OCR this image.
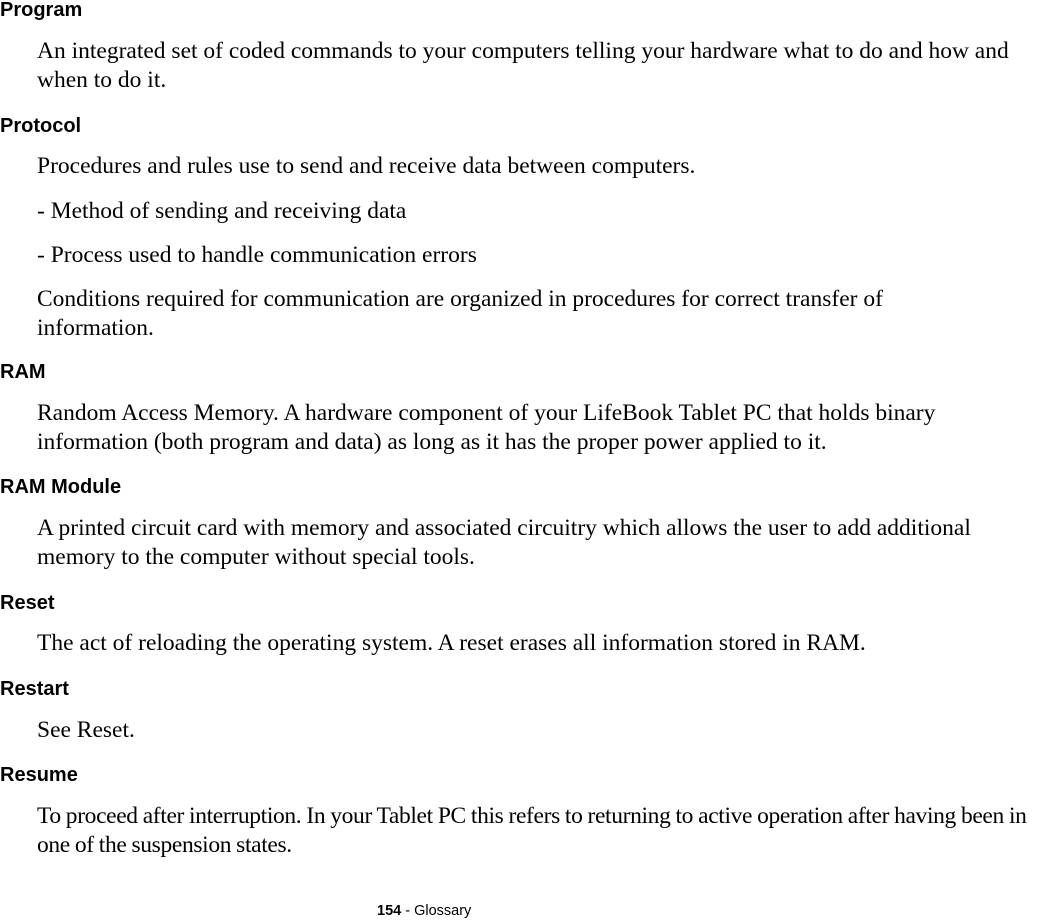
Program

An integrated set of coded commands to your computers telling your hardware what to do and how and when to do it.

Protocol

Procedures and rules use to send and receive data between computers.

- Method of sending and receiving data

- Process used to handle communication errors

Conditions required for communication are organized in procedures for correct transfer of information.

RAM

Random Access Memory. A hardware component of your LifeBook Tablet PC that holds binary information (both program and data) as long as it has the proper power applied to it.

RAM Module

A printed circuit card with memory and associated circuitry which allows the user to add additional memory to the computer without special tools.

Reset

The act of reloading the operating system. A reset erases all information stored in RAM.

Restart

See Reset.

Resume

To proceed after interruption. In your Tablet PC this refers to returning to active operation after having been in one of the suspension states.

154 - Glossary
